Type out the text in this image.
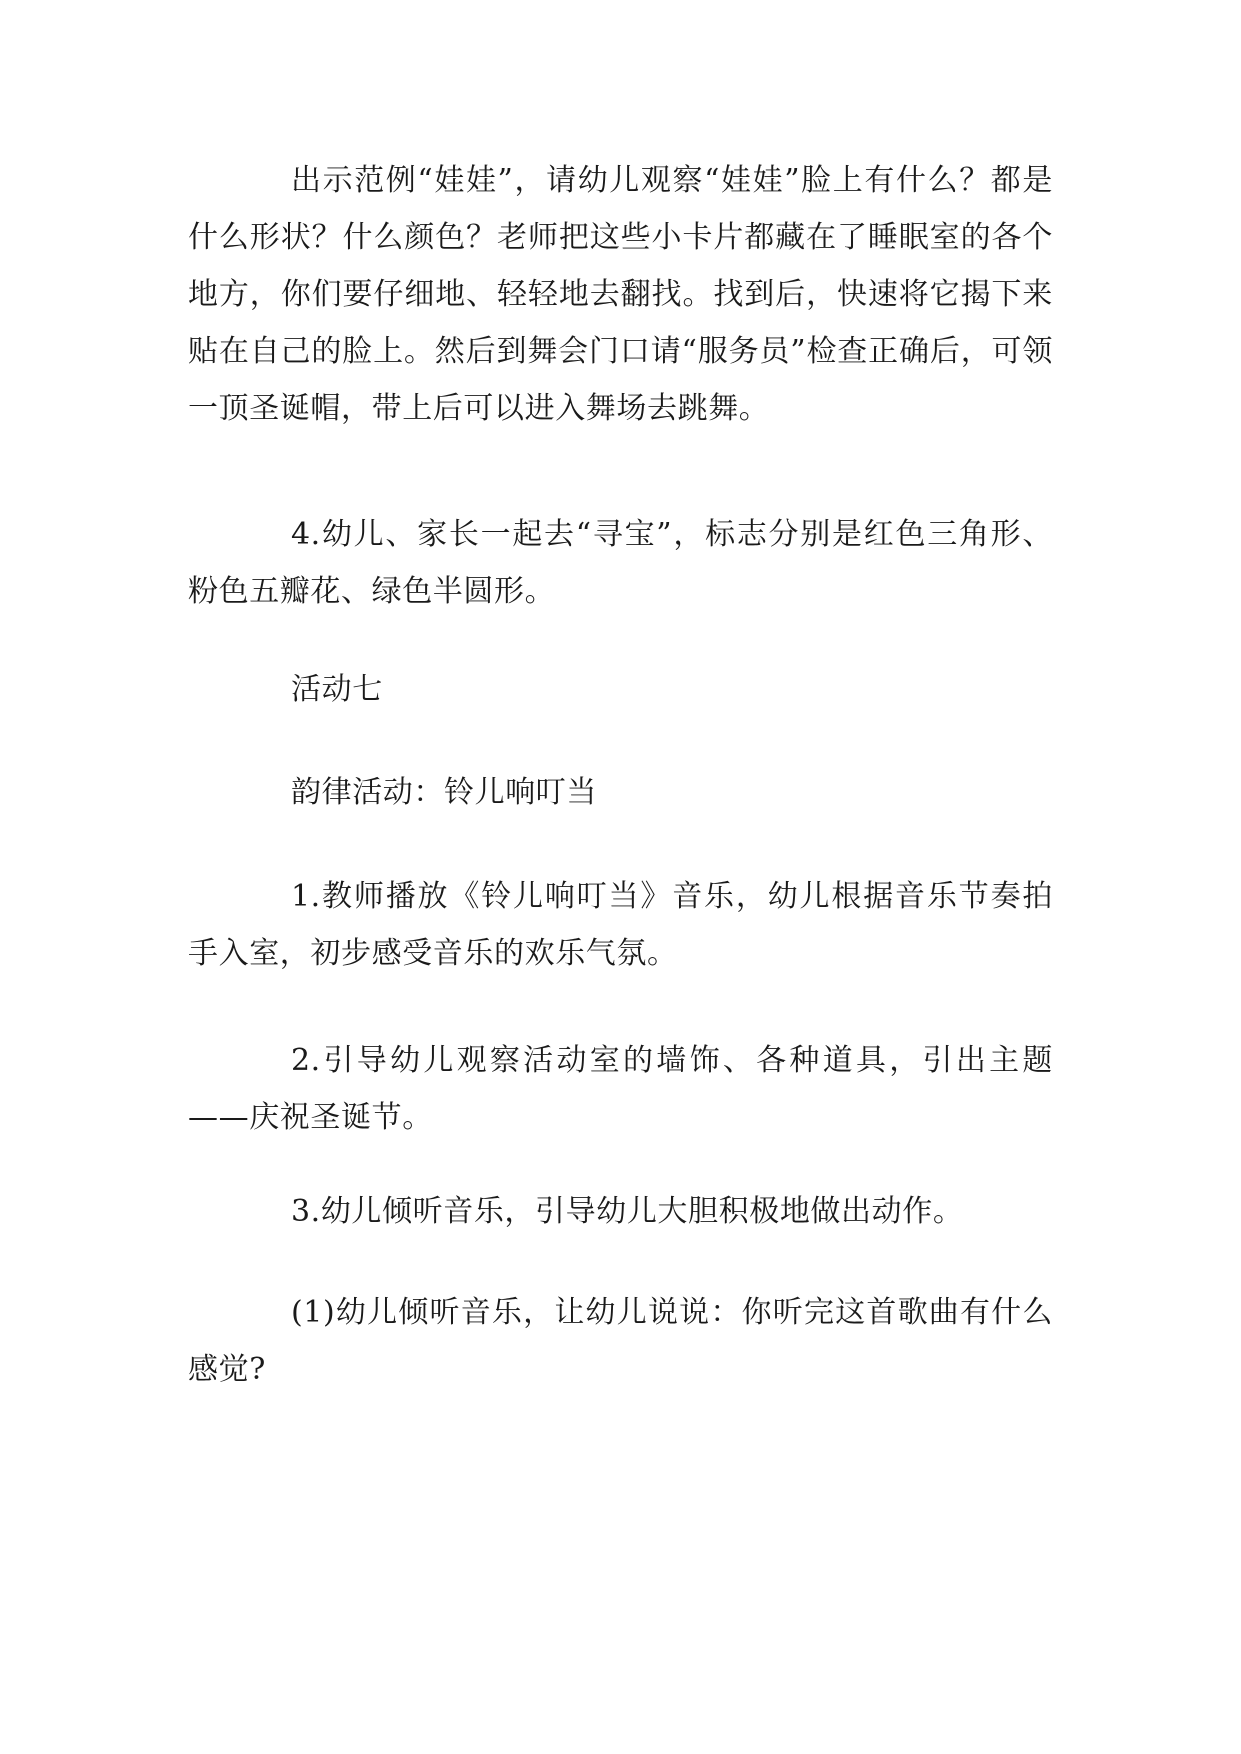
出示范例“娃娃”，请幼儿观察“娃娃”脸上有什么？都是什么形状？什么颜色？老师把这些小卡片都藏在了睡眠室的各个地方，你们要仔细地、轻轻地去翻找。找到后，快速将它揭下来贴在自己的脸上。然后到舞会门口请“服务员”检查正确后，可领一顶圣诞帽，带上后可以进入舞场去跳舞。

4.幼儿、家长一起去“寻宝”，标志分别是红色三角形、粉色五瓣花、绿色半圆形。

活动七

韵律活动：铃儿响叮当

1.教师播放《铃儿响叮当》音乐，幼儿根据音乐节奏拍手入室，初步感受音乐的欢乐气氛。

2.引导幼儿观察活动室的墙饰、各种道具，引出主题——庆祝圣诞节。

3.幼儿倾听音乐，引导幼儿大胆积极地做出动作。

(1)幼儿倾听音乐，让幼儿说说：你听完这首歌曲有什么感觉?
